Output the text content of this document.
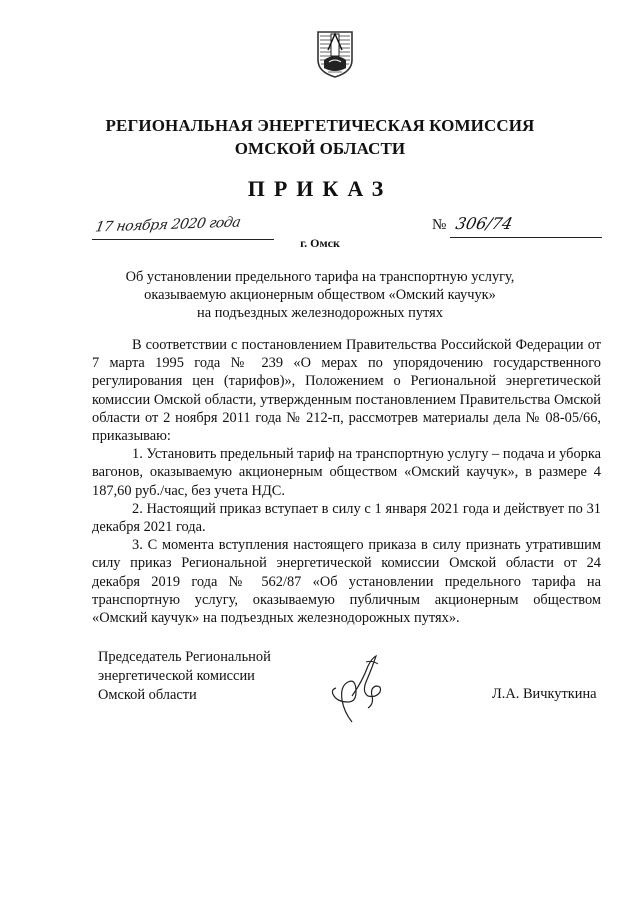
РЕГИОНАЛЬНАЯ ЭНЕРГЕТИЧЕСКАЯ КОМИССИЯ
ОМСКОЙ ОБЛАСТИ
ПРИКАЗ
17 ноября 2020 года	№ 306/74
г. Омск
Об установлении предельного тарифа на транспортную услугу,
оказываемую акционерным обществом «Омский каучук»
на подъездных железнодорожных путях

В соответствии с постановлением Правительства Российской Федерации от 7 марта 1995 года № 239 «О мерах по упорядочению государственного регулирования цен (тарифов)», Положением о Региональной энергетической комиссии Омской области, утвержденным постановлением Правительства Омской области от 2 ноября 2011 года № 212-п, рассмотрев материалы дела № 08-05/66, приказываю:

1. Установить предельный тариф на транспортную услугу – подача и уборка вагонов, оказываемую акционерным обществом «Омский каучук», в размере 4 187,60 руб./час, без учета НДС.

2. Настоящий приказ вступает в силу с 1 января 2021 года и действует по 31 декабря 2021 года.

3. С момента вступления настоящего приказа в силу признать утратившим силу приказ Региональной энергетической комиссии Омской области от 24 декабря 2019 года № 562/87 «Об установлении предельного тарифа на транспортную услугу, оказываемую публичным акционерным обществом «Омский каучук» на подъездных железнодорожных путях».

Председатель Региональной
энергетической комиссии
Омской области	Л.А. Вичкуткина
